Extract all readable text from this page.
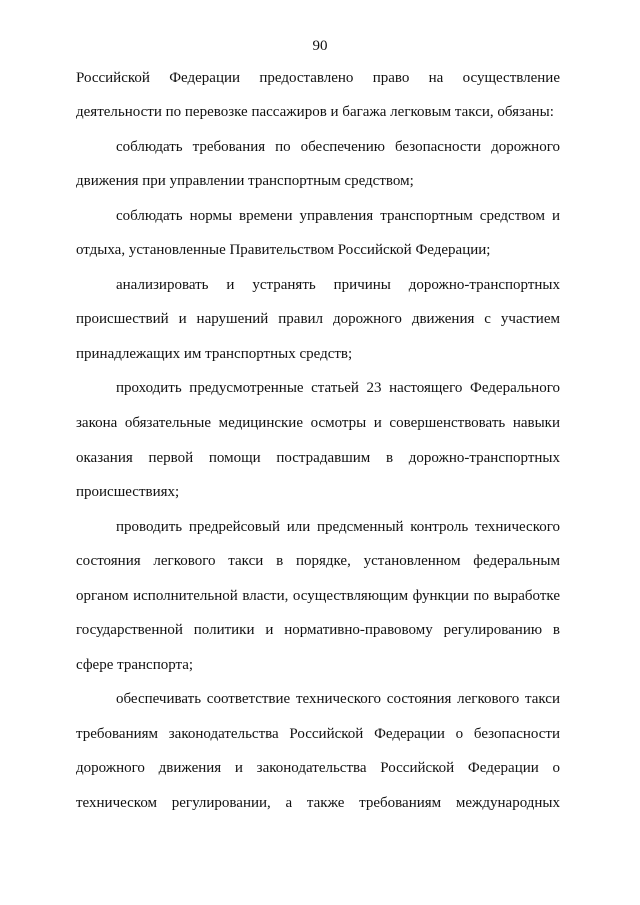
90
Российской Федерации предоставлено право на осуществление
деятельности по перевозке пассажиров и багажа легковым такси, обязаны:
соблюдать требования по обеспечению безопасности дорожного
движения при управлении транспортным средством;
соблюдать нормы времени управления транспортным средством и
отдыха, установленные Правительством Российской Федерации;
анализировать и устранять причины дорожно-транспортных
происшествий и нарушений правил дорожного движения с участием
принадлежащих им транспортных средств;
проходить предусмотренные статьей 23 настоящего Федерального
закона обязательные медицинские осмотры и совершенствовать навыки
оказания первой помощи пострадавшим в дорожно-транспортных
происшествиях;
проводить предрейсовый или предсменный контроль технического
состояния легкового такси в порядке, установленном федеральным
органом исполнительной власти, осуществляющим функции по выработке
государственной политики и нормативно-правовому регулированию в
сфере транспорта;
обеспечивать соответствие технического состояния легкового такси
требованиям законодательства Российской Федерации о безопасности
дорожного движения и законодательства Российской Федерации о
техническом регулировании, а также требованиям международных
